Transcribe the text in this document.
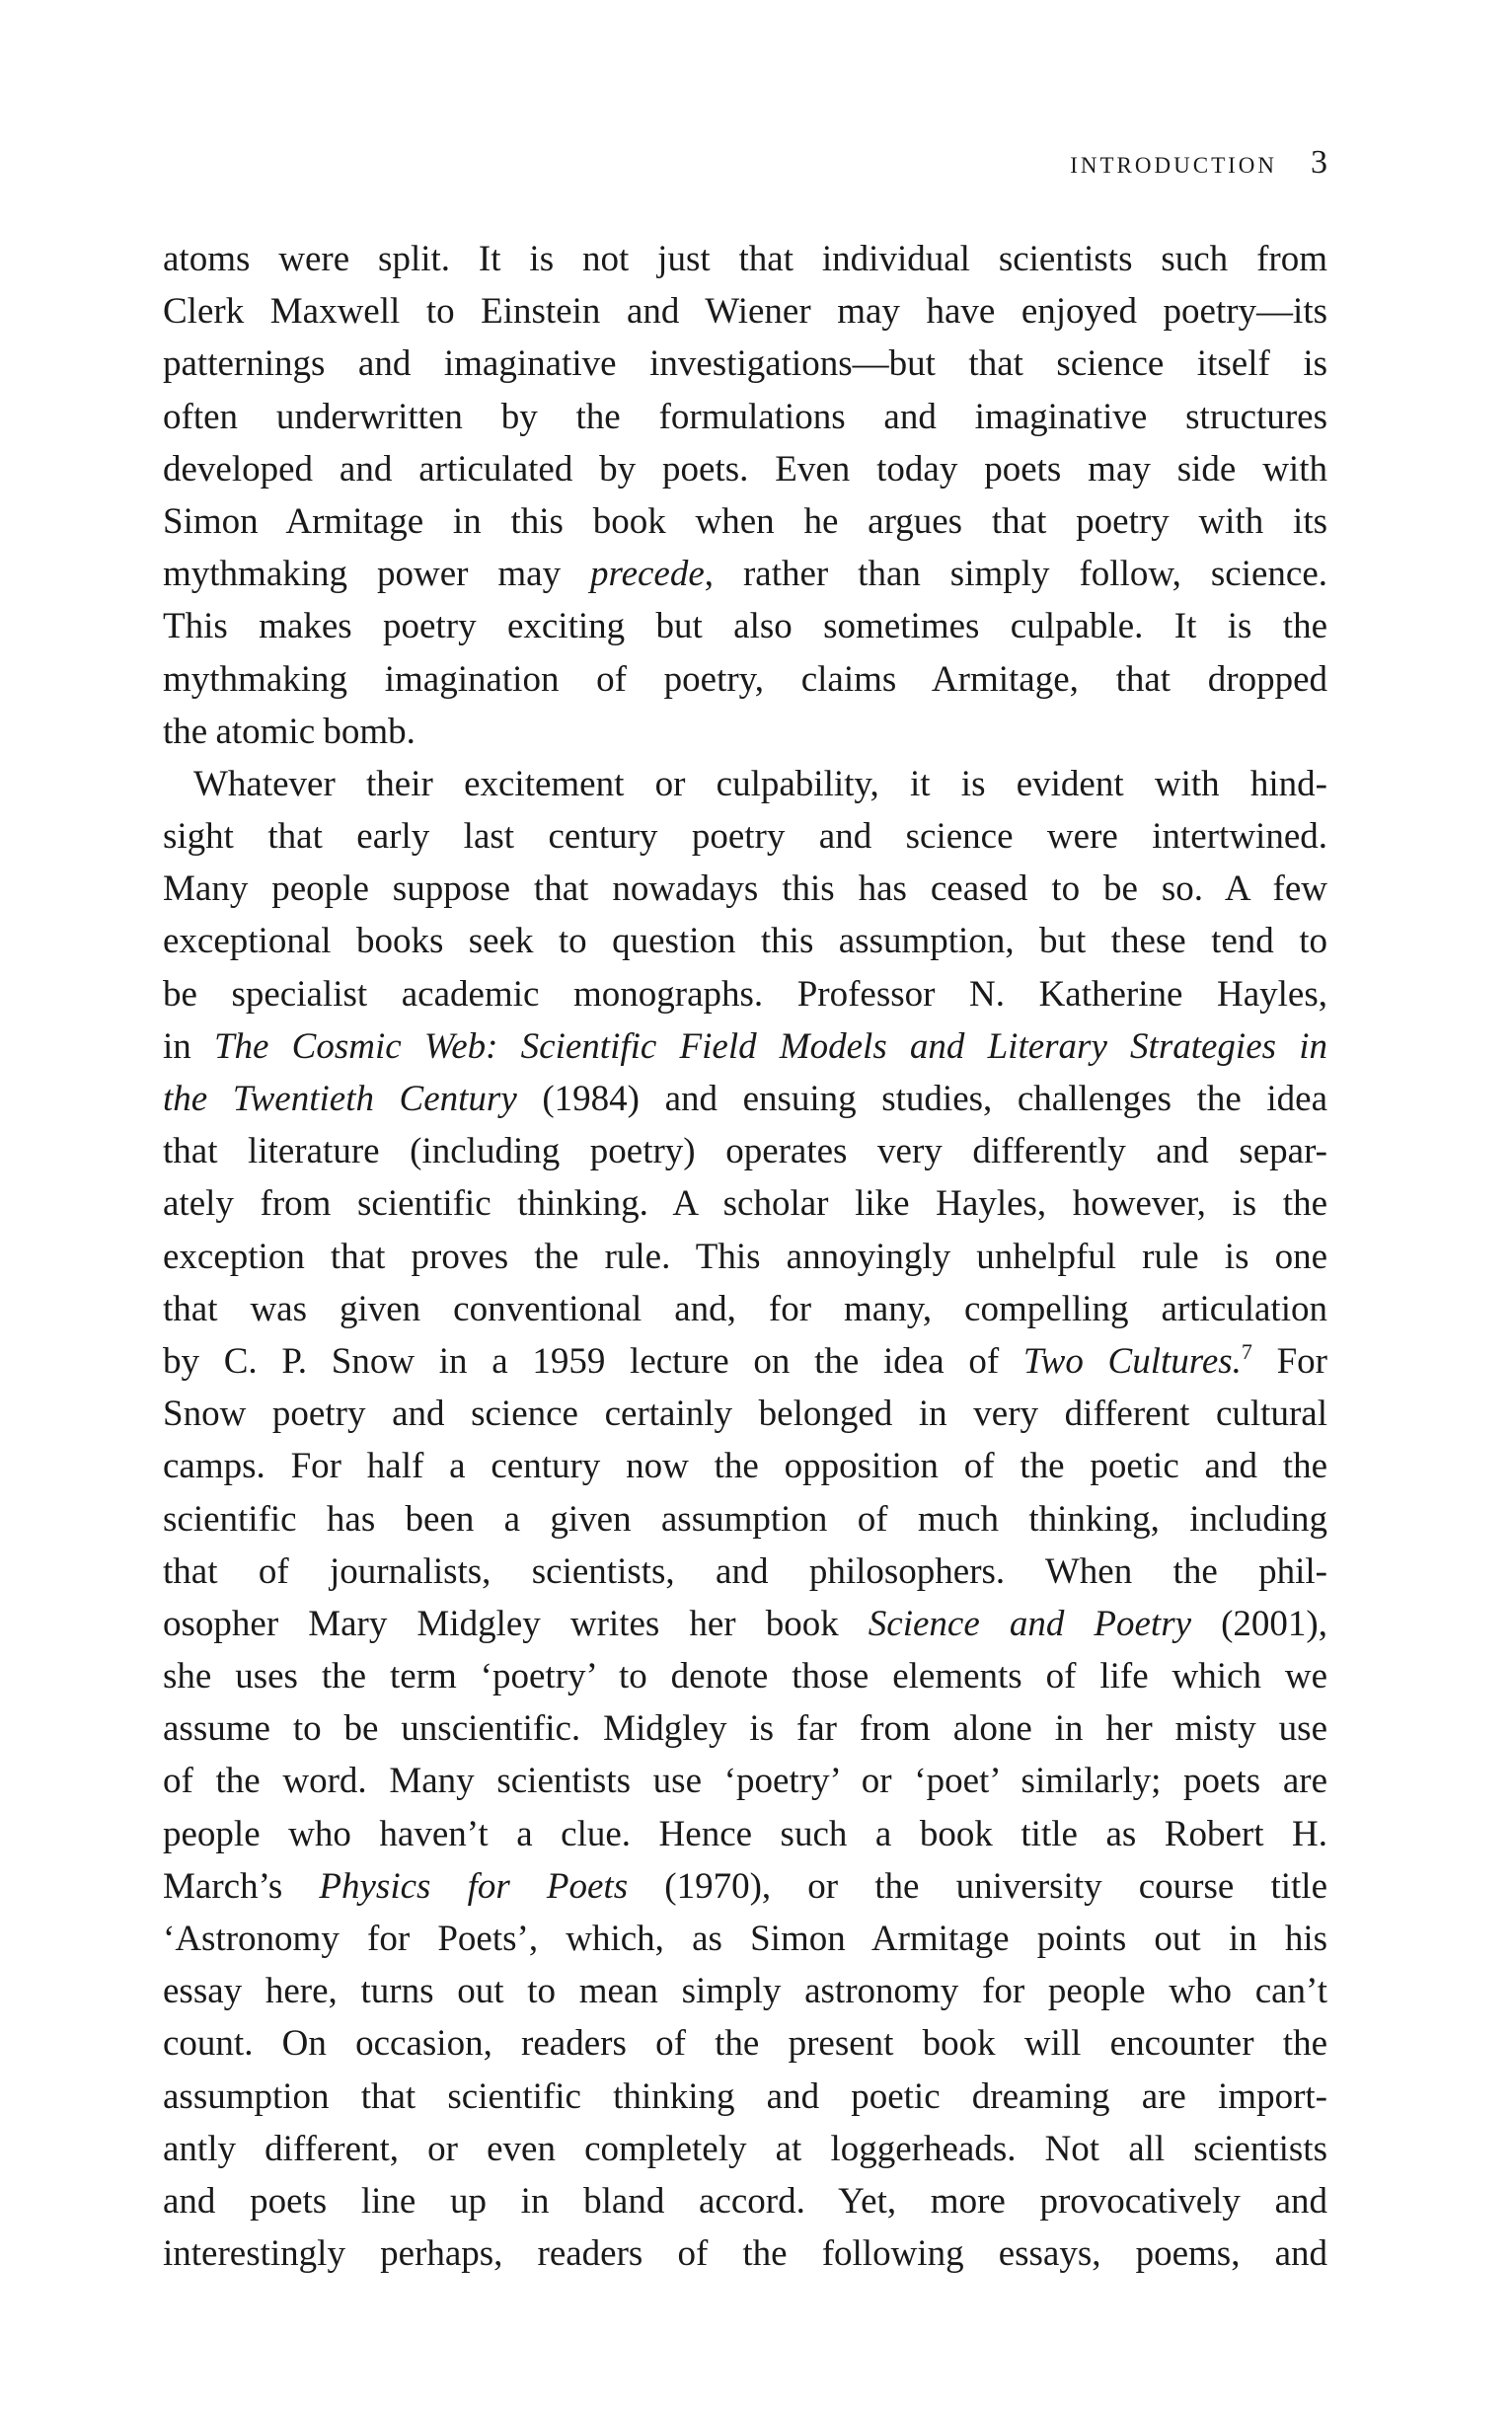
introduction 3
atoms were split. It is not just that individual scientists such from
Clerk Maxwell to Einstein and Wiener may have enjoyed poetry—its
patternings and imaginative investigations—but that science itself is
often underwritten by the formulations and imaginative structures
developed and articulated by poets. Even today poets may side with
Simon Armitage in this book when he argues that poetry with its
mythmaking power may precede, rather than simply follow, science.
This makes poetry exciting but also sometimes culpable. It is the
mythmaking imagination of poetry, claims Armitage, that dropped
the atomic bomb.
Whatever their excitement or culpability, it is evident with hind-
sight that early last century poetry and science were intertwined.
Many people suppose that nowadays this has ceased to be so. A few
exceptional books seek to question this assumption, but these tend to
be specialist academic monographs. Professor N. Katherine Hayles,
in The Cosmic Web: Scientific Field Models and Literary Strategies in
the Twentieth Century (1984) and ensuing studies, challenges the idea
that literature (including poetry) operates very differently and separ-
ately from scientific thinking. A scholar like Hayles, however, is the
exception that proves the rule. This annoyingly unhelpful rule is one
that was given conventional and, for many, compelling articulation
by C. P. Snow in a 1959 lecture on the idea of Two Cultures.$^7$ For
Snow poetry and science certainly belonged in very different cultural
camps. For half a century now the opposition of the poetic and the
scientific has been a given assumption of much thinking, including
that of journalists, scientists, and philosophers. When the phil-
osopher Mary Midgley writes her book Science and Poetry (2001),
she uses the term ‘poetry’ to denote those elements of life which we
assume to be unscientific. Midgley is far from alone in her misty use
of the word. Many scientists use ‘poetry’ or ‘poet’ similarly; poets are
people who haven’t a clue. Hence such a book title as Robert H.
March’s Physics for Poets (1970), or the university course title
‘Astronomy for Poets’, which, as Simon Armitage points out in his
essay here, turns out to mean simply astronomy for people who can’t
count. On occasion, readers of the present book will encounter the
assumption that scientific thinking and poetic dreaming are import-
antly different, or even completely at loggerheads. Not all scientists
and poets line up in bland accord. Yet, more provocatively and
interestingly perhaps, readers of the following essays, poems, and
